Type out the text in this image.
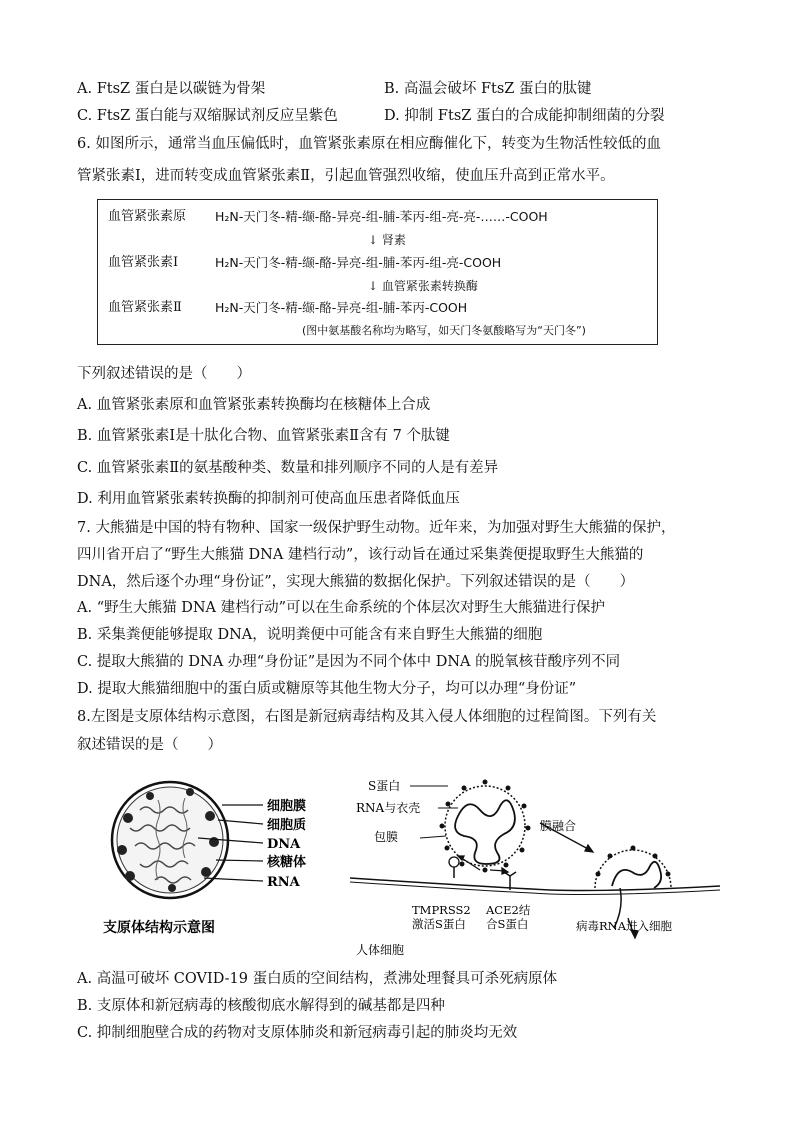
A. FtsZ 蛋白是以碳链为骨架	B. 高温会破坏 FtsZ 蛋白的肽键
C. FtsZ 蛋白能与双缩脲试剂反应呈紫色	D. 抑制 FtsZ 蛋白的合成能抑制细菌的分裂
6. 如图所示，通常当血压偏低时，血管紧张素原在相应酶催化下，转变为生物活性较低的血
管紧张素Ⅰ，进而转变成血管紧张素Ⅱ，引起血管强烈收缩，使血压升高到正常水平。
血管紧张素原 H₂N-天门冬-精-缬-酪-异亮-组-脯-苯丙-组-亮-亮-……-COOH
↓ 肾素
血管紧张素Ⅰ	H₂N-天门冬-精-缬-酪-异亮-组-脯-苯丙-组-亮-COOH
↓ 血管紧张素转换酶
血管紧张素Ⅱ	H₂N-天门冬-精-缬-酪-异亮-组-脯-苯丙-COOH
(图中氨基酸名称均为略写，如天门冬氨酸略写为“天门冬”)
下列叙述错误的是（　　）
A. 血管紧张素原和血管紧张素转换酶均在核糖体上合成
B. 血管紧张素Ⅰ是十肽化合物、血管紧张素Ⅱ含有 7 个肽键
C. 血管紧张素Ⅱ的氨基酸种类、数量和排列顺序不同的人是有差异
D. 利用血管紧张素转换酶的抑制剂可使高血压患者降低血压
7. 大熊猫是中国的特有物种、国家一级保护野生动物。近年来，为加强对野生大熊猫的保护，
四川省开启了“野生大熊猫 DNA 建档行动”，该行动旨在通过采集粪便提取野生大熊猫的
DNA，然后逐个办理“身份证”，实现大熊猫的数据化保护。下列叙述错误的是（　　）
A. “野生大熊猫 DNA 建档行动”可以在生命系统的个体层次对野生大熊猫进行保护
B. 采集粪便能够提取 DNA，说明粪便中可能含有来自野生大熊猫的细胞
C. 提取大熊猫的 DNA 办理“身份证”是因为不同个体中 DNA 的脱氧核苷酸序列不同
D. 提取大熊猫细胞中的蛋白质或糖原等其他生物大分子，均可以办理“身份证”
8.左图是支原体结构示意图，右图是新冠病毒结构及其入侵人体细胞的过程简图。下列有关
叙述错误的是（　　）
细胞膜
细胞质
DNA
核糖体
RNA
支原体结构示意图
S蛋白
RNA与衣壳
包膜
膜融合
TMPRSS2
激活S蛋白
ACE2结
合S蛋白	病毒RNA进入细胞
人体细胞
A. 高温可破坏 COVID-19 蛋白质的空间结构，煮沸处理餐具可杀死病原体
B. 支原体和新冠病毒的核酸彻底水解得到的碱基都是四种
C. 抑制细胞壁合成的药物对支原体肺炎和新冠病毒引起的肺炎均无效
